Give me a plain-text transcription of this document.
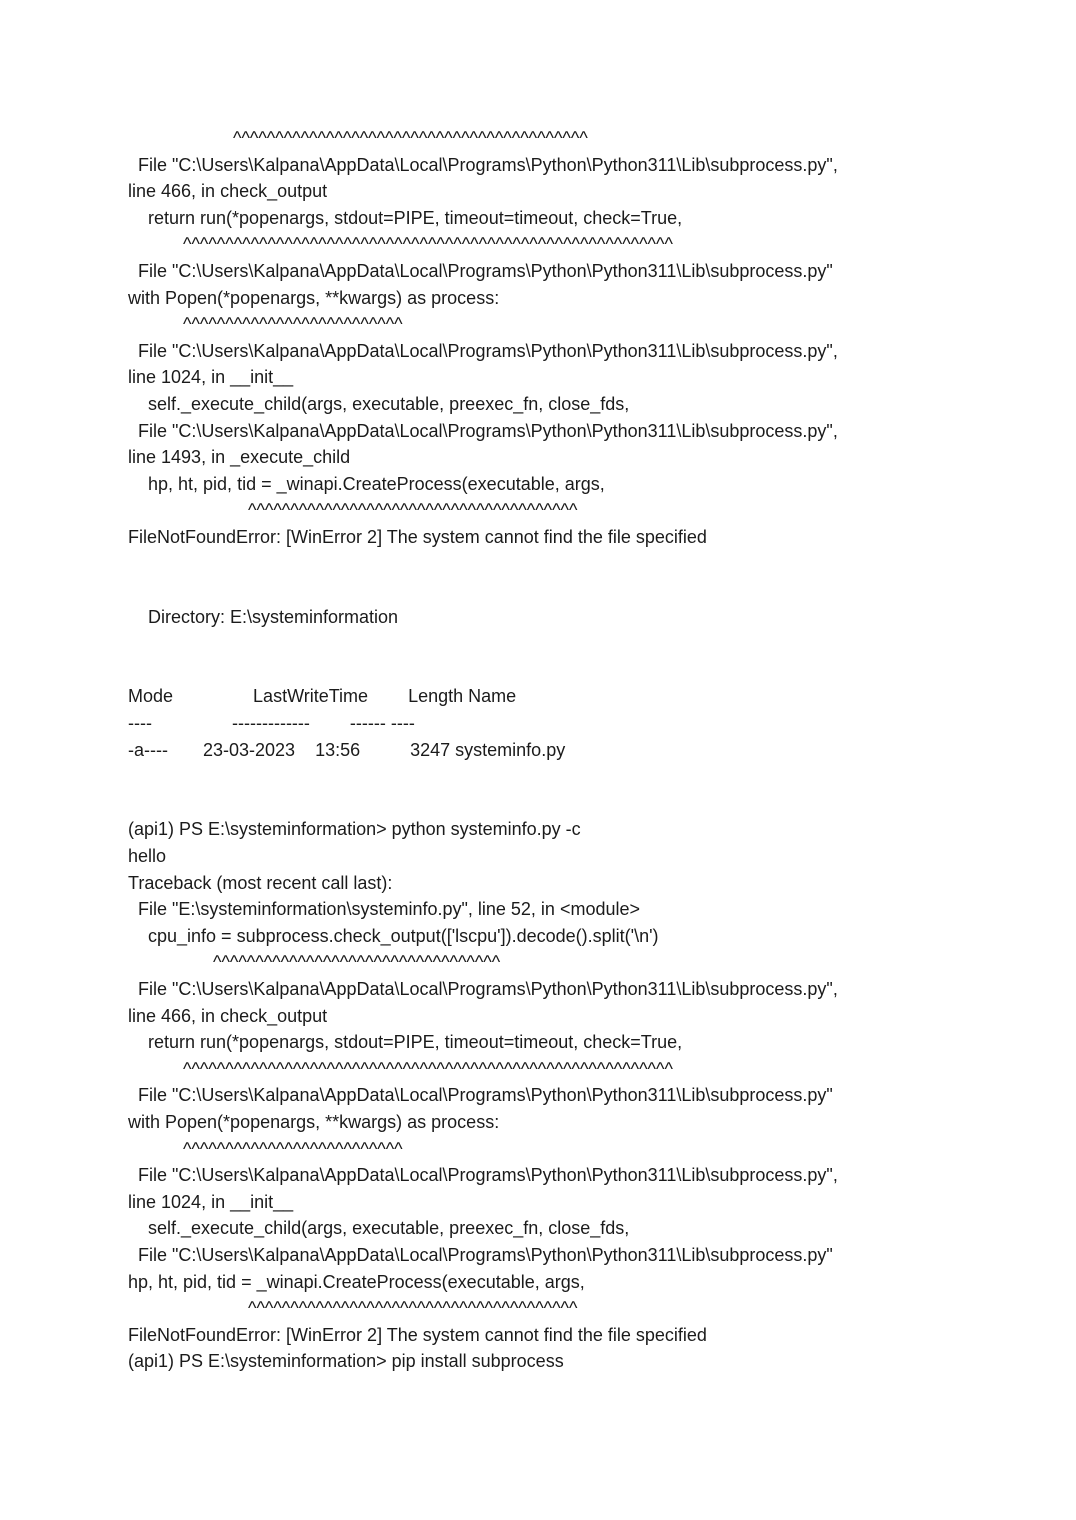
^^^^^^^^^^^^^^^^^^^^^^^^^^^^^^^^^^^^^^^^^^
File "C:\Users\Kalpana\AppData\Local\Programs\Python\Python311\Lib\subprocess.py",
line 466, in check_output
return run(*popenargs, stdout=PIPE, timeout=timeout, check=True,
^^^^^^^^^^^^^^^^^^^^^^^^^^^^^^^^^^^^^^^^^^^^^^^^^^^^^^^^^^
File "C:\Users\Kalpana\AppData\Local\Programs\Python\Python311\Lib\subprocess.py"
with Popen(*popenargs, **kwargs) as process:
^^^^^^^^^^^^^^^^^^^^^^^^^^
File "C:\Users\Kalpana\AppData\Local\Programs\Python\Python311\Lib\subprocess.py",
line 1024, in __init__
self._execute_child(args, executable, preexec_fn, close_fds,
File "C:\Users\Kalpana\AppData\Local\Programs\Python\Python311\Lib\subprocess.py",
line 1493, in _execute_child
hp, ht, pid, tid = _winapi.CreateProcess(executable, args,
^^^^^^^^^^^^^^^^^^^^^^^^^^^^^^^^^^^^^^^
FileNotFoundError: [WinError 2] The system cannot find the file specified
Directory: E:\systeminformation
Mode                LastWriteTime        Length Name
----                -------------        ------ ----
-a----       23-03-2023    13:56          3247 systeminfo.py
(api1) PS E:\systeminformation> python systeminfo.py -c
hello
Traceback (most recent call last):
File "E:\systeminformation\systeminfo.py", line 52, in <module>
cpu_info = subprocess.check_output(['lscpu']).decode().split('\n')
^^^^^^^^^^^^^^^^^^^^^^^^^^^^^^^^^^
File "C:\Users\Kalpana\AppData\Local\Programs\Python\Python311\Lib\subprocess.py",
line 466, in check_output
return run(*popenargs, stdout=PIPE, timeout=timeout, check=True,
^^^^^^^^^^^^^^^^^^^^^^^^^^^^^^^^^^^^^^^^^^^^^^^^^^^^^^^^^^
File "C:\Users\Kalpana\AppData\Local\Programs\Python\Python311\Lib\subprocess.py"
with Popen(*popenargs, **kwargs) as process:
^^^^^^^^^^^^^^^^^^^^^^^^^^
File "C:\Users\Kalpana\AppData\Local\Programs\Python\Python311\Lib\subprocess.py",
line 1024, in __init__
self._execute_child(args, executable, preexec_fn, close_fds,
File "C:\Users\Kalpana\AppData\Local\Programs\Python\Python311\Lib\subprocess.py"
hp, ht, pid, tid = _winapi.CreateProcess(executable, args,
^^^^^^^^^^^^^^^^^^^^^^^^^^^^^^^^^^^^^^^
FileNotFoundError: [WinError 2] The system cannot find the file specified
(api1) PS E:\systeminformation> pip install subprocess
